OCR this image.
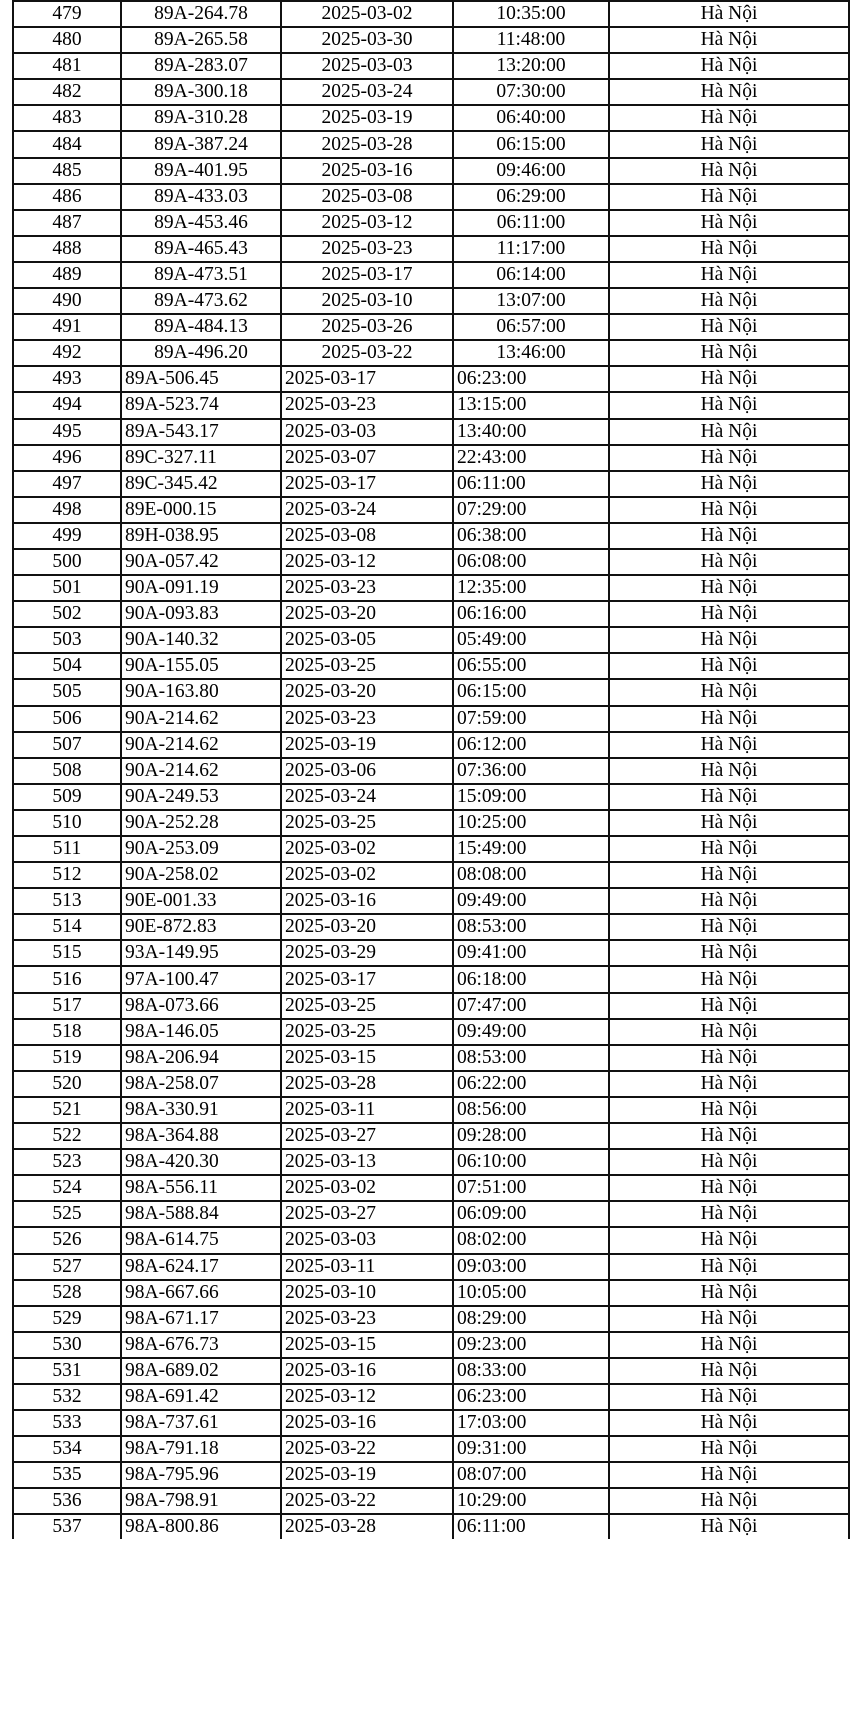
479	89A-264.78	2025-03-02	10:35:00	Hà Nội
480	89A-265.58	2025-03-30	11:48:00	Hà Nội
481	89A-283.07	2025-03-03	13:20:00	Hà Nội
482	89A-300.18	2025-03-24	07:30:00	Hà Nội
483	89A-310.28	2025-03-19	06:40:00	Hà Nội
484	89A-387.24	2025-03-28	06:15:00	Hà Nội
485	89A-401.95	2025-03-16	09:46:00	Hà Nội
486	89A-433.03	2025-03-08	06:29:00	Hà Nội
487	89A-453.46	2025-03-12	06:11:00	Hà Nội
488	89A-465.43	2025-03-23	11:17:00	Hà Nội
489	89A-473.51	2025-03-17	06:14:00	Hà Nội
490	89A-473.62	2025-03-10	13:07:00	Hà Nội
491	89A-484.13	2025-03-26	06:57:00	Hà Nội
492	89A-496.20	2025-03-22	13:46:00	Hà Nội
493	89A-506.45	2025-03-17	06:23:00	Hà Nội
494	89A-523.74	2025-03-23	13:15:00	Hà Nội
495	89A-543.17	2025-03-03	13:40:00	Hà Nội
496	89C-327.11	2025-03-07	22:43:00	Hà Nội
497	89C-345.42	2025-03-17	06:11:00	Hà Nội
498	89E-000.15	2025-03-24	07:29:00	Hà Nội
499	89H-038.95	2025-03-08	06:38:00	Hà Nội
500	90A-057.42	2025-03-12	06:08:00	Hà Nội
501	90A-091.19	2025-03-23	12:35:00	Hà Nội
502	90A-093.83	2025-03-20	06:16:00	Hà Nội
503	90A-140.32	2025-03-05	05:49:00	Hà Nội
504	90A-155.05	2025-03-25	06:55:00	Hà Nội
505	90A-163.80	2025-03-20	06:15:00	Hà Nội
506	90A-214.62	2025-03-23	07:59:00	Hà Nội
507	90A-214.62	2025-03-19	06:12:00	Hà Nội
508	90A-214.62	2025-03-06	07:36:00	Hà Nội
509	90A-249.53	2025-03-24	15:09:00	Hà Nội
510	90A-252.28	2025-03-25	10:25:00	Hà Nội
511	90A-253.09	2025-03-02	15:49:00	Hà Nội
512	90A-258.02	2025-03-02	08:08:00	Hà Nội
513	90E-001.33	2025-03-16	09:49:00	Hà Nội
514	90E-872.83	2025-03-20	08:53:00	Hà Nội
515	93A-149.95	2025-03-29	09:41:00	Hà Nội
516	97A-100.47	2025-03-17	06:18:00	Hà Nội
517	98A-073.66	2025-03-25	07:47:00	Hà Nội
518	98A-146.05	2025-03-25	09:49:00	Hà Nội
519	98A-206.94	2025-03-15	08:53:00	Hà Nội
520	98A-258.07	2025-03-28	06:22:00	Hà Nội
521	98A-330.91	2025-03-11	08:56:00	Hà Nội
522	98A-364.88	2025-03-27	09:28:00	Hà Nội
523	98A-420.30	2025-03-13	06:10:00	Hà Nội
524	98A-556.11	2025-03-02	07:51:00	Hà Nội
525	98A-588.84	2025-03-27	06:09:00	Hà Nội
526	98A-614.75	2025-03-03	08:02:00	Hà Nội
527	98A-624.17	2025-03-11	09:03:00	Hà Nội
528	98A-667.66	2025-03-10	10:05:00	Hà Nội
529	98A-671.17	2025-03-23	08:29:00	Hà Nội
530	98A-676.73	2025-03-15	09:23:00	Hà Nội
531	98A-689.02	2025-03-16	08:33:00	Hà Nội
532	98A-691.42	2025-03-12	06:23:00	Hà Nội
533	98A-737.61	2025-03-16	17:03:00	Hà Nội
534	98A-791.18	2025-03-22	09:31:00	Hà Nội
535	98A-795.96	2025-03-19	08:07:00	Hà Nội
536	98A-798.91	2025-03-22	10:29:00	Hà Nội
537	98A-800.86	2025-03-28	06:11:00	Hà Nội
